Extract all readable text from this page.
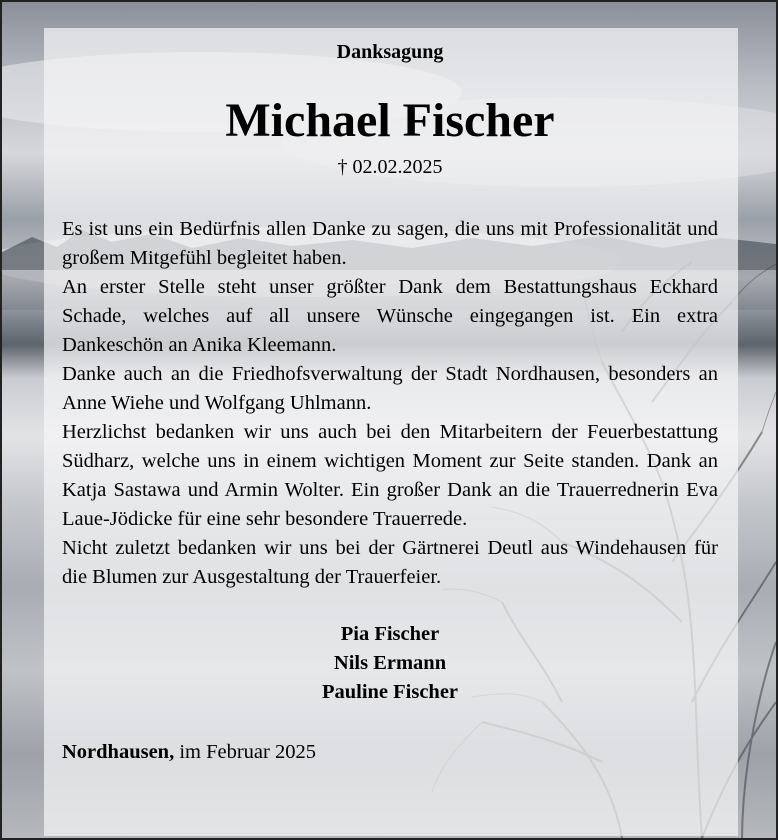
Danksagung
Michael Fischer
† 02.02.2025

Es ist uns ein Bedürfnis allen Danke zu sagen, die uns mit Professionalität und großem Mitgefühl begleitet haben.

An erster Stelle steht unser größter Dank dem Bestattungshaus Eckhard Schade, welches auf all unsere Wünsche eingegangen ist. Ein extra Dankeschön an Anika Kleemann.

Danke auch an die Friedhofsverwaltung der Stadt Nordhausen, besonders an Anne Wiehe und Wolfgang Uhlmann.

Herzlichst bedanken wir uns auch bei den Mitarbeitern der Feuerbestattung Südharz, welche uns in einem wichtigen Moment zur Seite standen. Dank an Katja Sastawa und Armin Wolter. Ein großer Dank an die Trauerrednerin Eva Laue-Jödicke für eine sehr besondere Trauerrede.

Nicht zuletzt bedanken wir uns bei der Gärtnerei Deutl aus Windehausen für die Blumen zur Ausgestaltung der Trauerfeier.

Pia Fischer
Nils Ermann
Pauline Fischer
Nordhausen, im Februar 2025
